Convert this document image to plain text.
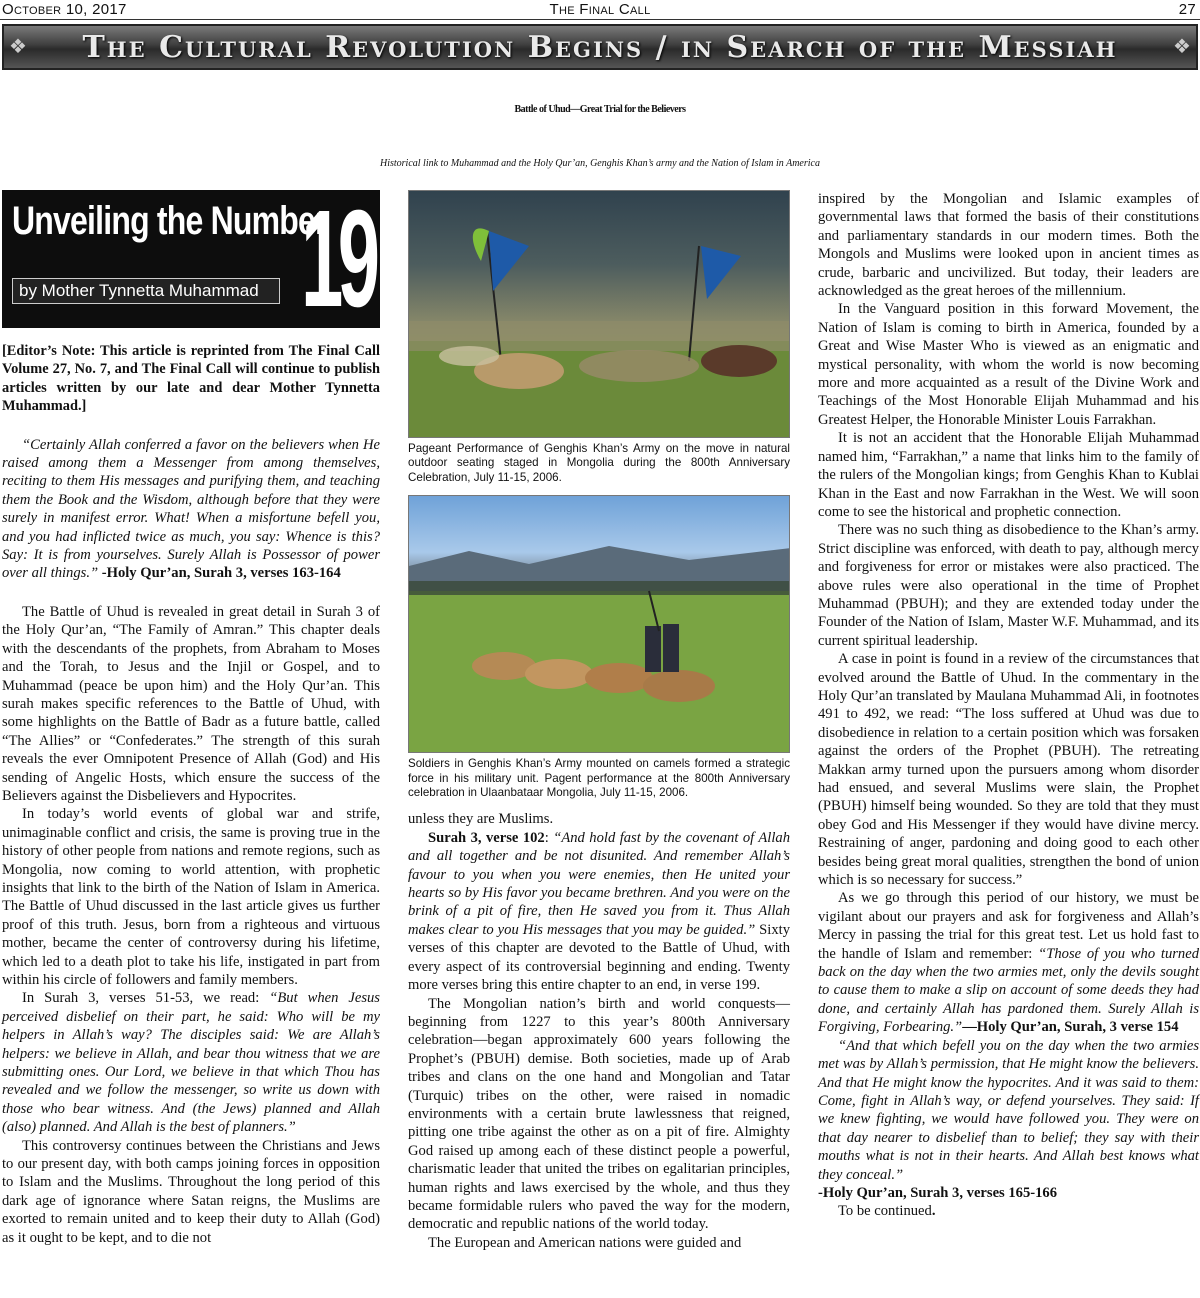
October 10, 2017	The Final Call	27
❖ The Cultural Revolution Begins / in Search of the Messiah	❖
Battle of Uhud—Great Trial for the Believers
Historical link to Muhammad and the Holy Qur’an, Genghis Khan’s army and the Nation of Islam in America
Unveiling the Number
by Mother Tynnetta Muhammad 19
[Editor’s Note: This article is reprinted from The Final Call Volume 27, No. 7, and The Final Call will continue to publish articles written by our late and dear Mother Tynnetta Muhammad.]

“Certainly Allah conferred a favor on the believers when He raised among them a Messenger from among themselves, reciting to them His messages and purifying them, and teaching them the Book and the Wisdom, although before that they were surely in manifest error. What! When a misfortune befell you, and you had inflicted twice as much, you say: Whence is this? Say: It is from yourselves. Surely Allah is Possessor of power over all things.” -Holy Qur’an, Surah 3, verses 163-164

The Battle of Uhud is revealed in great detail in Surah 3 of the Holy Qur’an, “The Family of Amran.” This chapter deals with the descendants of the prophets, from Abraham to Moses and the Torah, to Jesus and the Injil or Gospel, and to Muhammad (peace be upon him) and the Holy Qur’an. This surah makes specific references to the Battle of Uhud, with some highlights on the Battle of Badr as a future battle, called “The Allies” or “Confederates.” The strength of this surah reveals the ever Omnipotent Presence of Allah (God) and His sending of Angelic Hosts, which ensure the success of the Believers against the Disbelievers and Hypocrites.

In today’s world events of global war and strife, unimaginable conflict and crisis, the same is proving true in the history of other people from nations and remote regions, such as Mongolia, now coming to world attention, with prophetic insights that link to the birth of the Nation of Islam in America. The Battle of Uhud discussed in the last article gives us further proof of this truth. Jesus, born from a righteous and virtuous mother, became the center of controversy during his lifetime, which led to a death plot to take his life, instigated in part from within his circle of followers and family members.

In Surah 3, verses 51-53, we read: “But when Jesus perceived disbelief on their part, he said: Who will be my helpers in Allah’s way? The disciples said: We are Allah’s helpers: we believe in Allah, and bear thou witness that we are submitting ones. Our Lord, we believe in that which Thou has revealed and we follow the messenger, so write us down with those who bear witness. And (the Jews) planned and Allah (also) planned. And Allah is the best of planners.”

This controversy continues between the Christians and Jews to our present day, with both camps joining forces in opposition to Islam and the Muslims. Throughout the long period of this dark age of ignorance where Satan reigns, the Muslims are exorted to remain united and to keep their duty to Allah (God) as it ought to be kept, and to die not

Pageant Performance of Genghis Khan’s Army on the move in natural outdoor seating staged in Mongolia during the 800th Anniversary Celebration, July 11-15, 2006.
Soldiers in Genghis Khan’s Army mounted on camels formed a strategic force in his military unit. Pagent performance at the 800th Anniversary celebration in Ulaanbataar Mongolia, July 11-15, 2006.
unless they are Muslims.

Surah 3, verse 102: “And hold fast by the covenant of Allah and all together and be not disunited. And remember Allah’s favour to you when you were enemies, then He united your hearts so by His favor you became brethren. And you were on the brink of a pit of fire, then He saved you from it. Thus Allah makes clear to you His messages that you may be guided.” Sixty verses of this chapter are devoted to the Battle of Uhud, with every aspect of its controversial beginning and ending. Twenty more verses bring this entire chapter to an end, in verse 199.

The Mongolian nation’s birth and world conquests—beginning from 1227 to this year’s 800th Anniversary celebration—began approximately 600 years following the Prophet’s (PBUH) demise. Both societies, made up of Arab tribes and clans on the one hand and Mongolian and Tatar (Turquic) tribes on the other, were raised in nomadic environments with a certain brute lawlessness that reigned, pitting one tribe against the other as on a pit of fire. Almighty God raised up among each of these distinct people a powerful, charismatic leader that united the tribes on egalitarian principles, human rights and laws exercised by the whole, and thus they became formidable rulers who paved the way for the modern, democratic and republic nations of the world today.

The European and American nations were guided and

inspired by the Mongolian and Islamic examples of governmental laws that formed the basis of their constitutions and parliamentary standards in our modern times. Both the Mongols and Muslims were looked upon in ancient times as crude, barbaric and uncivilized. But today, their leaders are acknowledged as the great heroes of the millennium.

In the Vanguard position in this forward Movement, the Nation of Islam is coming to birth in America, founded by a Great and Wise Master Who is viewed as an enigmatic and mystical personality, with whom the world is now becoming more and more acquainted as a result of the Divine Work and Teachings of the Most Honorable Elijah Muhammad and his Greatest Helper, the Honorable Minister Louis Farrakhan.

It is not an accident that the Honorable Elijah Muhammad named him, “Farrakhan,” a name that links him to the family of the rulers of the Mongolian kings; from Genghis Khan to Kublai Khan in the East and now Farrakhan in the West. We will soon come to see the historical and prophetic connection.

There was no such thing as disobedience to the Khan’s army. Strict discipline was enforced, with death to pay, although mercy and forgiveness for error or mistakes were also practiced. The above rules were also operational in the time of Prophet Muhammad (PBUH); and they are extended today under the Founder of the Nation of Islam, Master W.F. Muhammad, and its current spiritual leadership.

A case in point is found in a review of the circumstances that evolved around the Battle of Uhud. In the commentary in the Holy Qur’an translated by Maulana Muhammad Ali, in footnotes 491 to 492, we read: “The loss suffered at Uhud was due to disobedience in relation to a certain position which was forsaken against the orders of the Prophet (PBUH). The retreating Makkan army turned upon the pursuers among whom disorder had ensued, and several Muslims were slain, the Prophet (PBUH) himself being wounded. So they are told that they must obey God and His Messenger if they would have divine mercy. Restraining of anger, pardoning and doing good to each other besides being great moral qualities, strengthen the bond of union which is so necessary for success.”

As we go through this period of our history, we must be vigilant about our prayers and ask for forgiveness and Allah’s Mercy in passing the trial for this great test. Let us hold fast to the handle of Islam and remember: “Those of you who turned back on the day when the two armies met, only the devils sought to cause them to make a slip on account of some deeds they had done, and certainly Allah has pardoned them. Surely Allah is Forgiving, Forbearing.”—Holy Qur’an, Surah, 3 verse 154

“And that which befell you on the day when the two armies met was by Allah’s permission, that He might know the believers. And that He might know the hypocrites. And it was said to them: Come, fight in Allah’s way, or defend yourselves. They said: If we knew fighting, we would have followed you. They were on that day nearer to disbelief than to belief; they say with their mouths what is not in their hearts. And Allah best knows what they conceal.”
-Holy Qur’an, Surah 3, verses 165-166

To be continued.
